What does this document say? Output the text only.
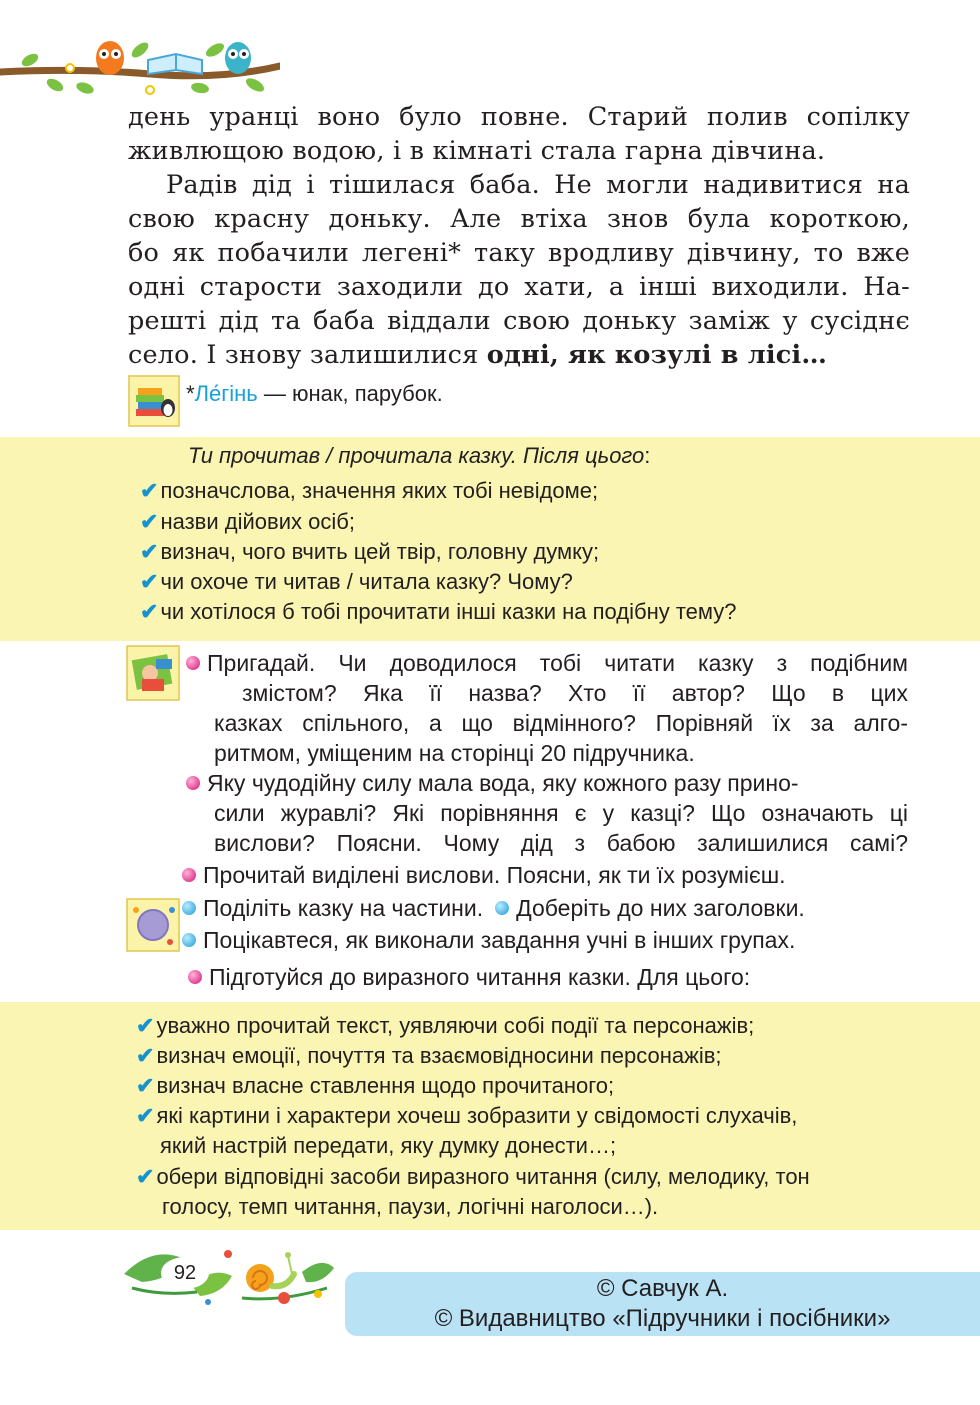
день уранці воно було повне. Старий полив сопілку
живлющою водою, і в кімнаті стала гарна дівчина.
Радів дід і тішилася баба. Не могли надивитися на
свою красну доньку. Але втіха знов була короткою,
бо як побачили легені* таку вродливу дівчину, то вже
одні старости заходили до хати, а інші виходили. На-
решті дід та баба віддали свою доньку заміж у сусіднє
село. І знову залишилися одні, як козулі в лісі…
*Ле́гінь — юнак, парубок.
Ти прочитав / прочитала казку. Після цього:
✔позначслова, значення яких тобі невідоме;
✔назви дійових осіб;
✔визнач, чого вчить цей твір, головну думку;
✔чи охоче ти читав / читала казку? Чому?
✔чи хотілося б тобі прочитати інші казки на подібну тему?
Пригадай. Чи доводилося тобі читати казку з подібним
змістом? Яка її назва? Хто її автор? Що в цих
казках спільного, а що відмінного? Порівняй їх за алго-
ритмом, уміщеним на сторінці 20 підручника.
Яку чудодійну силу мала вода, яку кожного разу прино-
сили журавлі? Які порівняння є у казці? Що означають ці
вислови? Поясни. Чому дід з бабою залишилися самі?
Прочитай виділені вислови. Поясни, як ти їх розумієш.
Поділіть казку на частини. Доберіть до них заголовки.
Поцікавтеся, як виконали завдання учні в інших групах.
Підготуйся до виразного читання казки. Для цього:
✔уважно прочитай текст, уявляючи собі події та персонажів;
✔визнач емоції, почуття та взаємовідносини персонажів;
✔визнач власне ставлення щодо прочитаного;
✔які картини і характери хочеш зобразити у свідомості слухачів,
який настрій передати, яку думку донести…;
✔обери відповідні засоби виразного читання (силу, мелодику, тон
голосу, темп читання, паузи, логічні наголоси…).
92
© Савчук А.
© Видавництво «Підручники і посібники»
